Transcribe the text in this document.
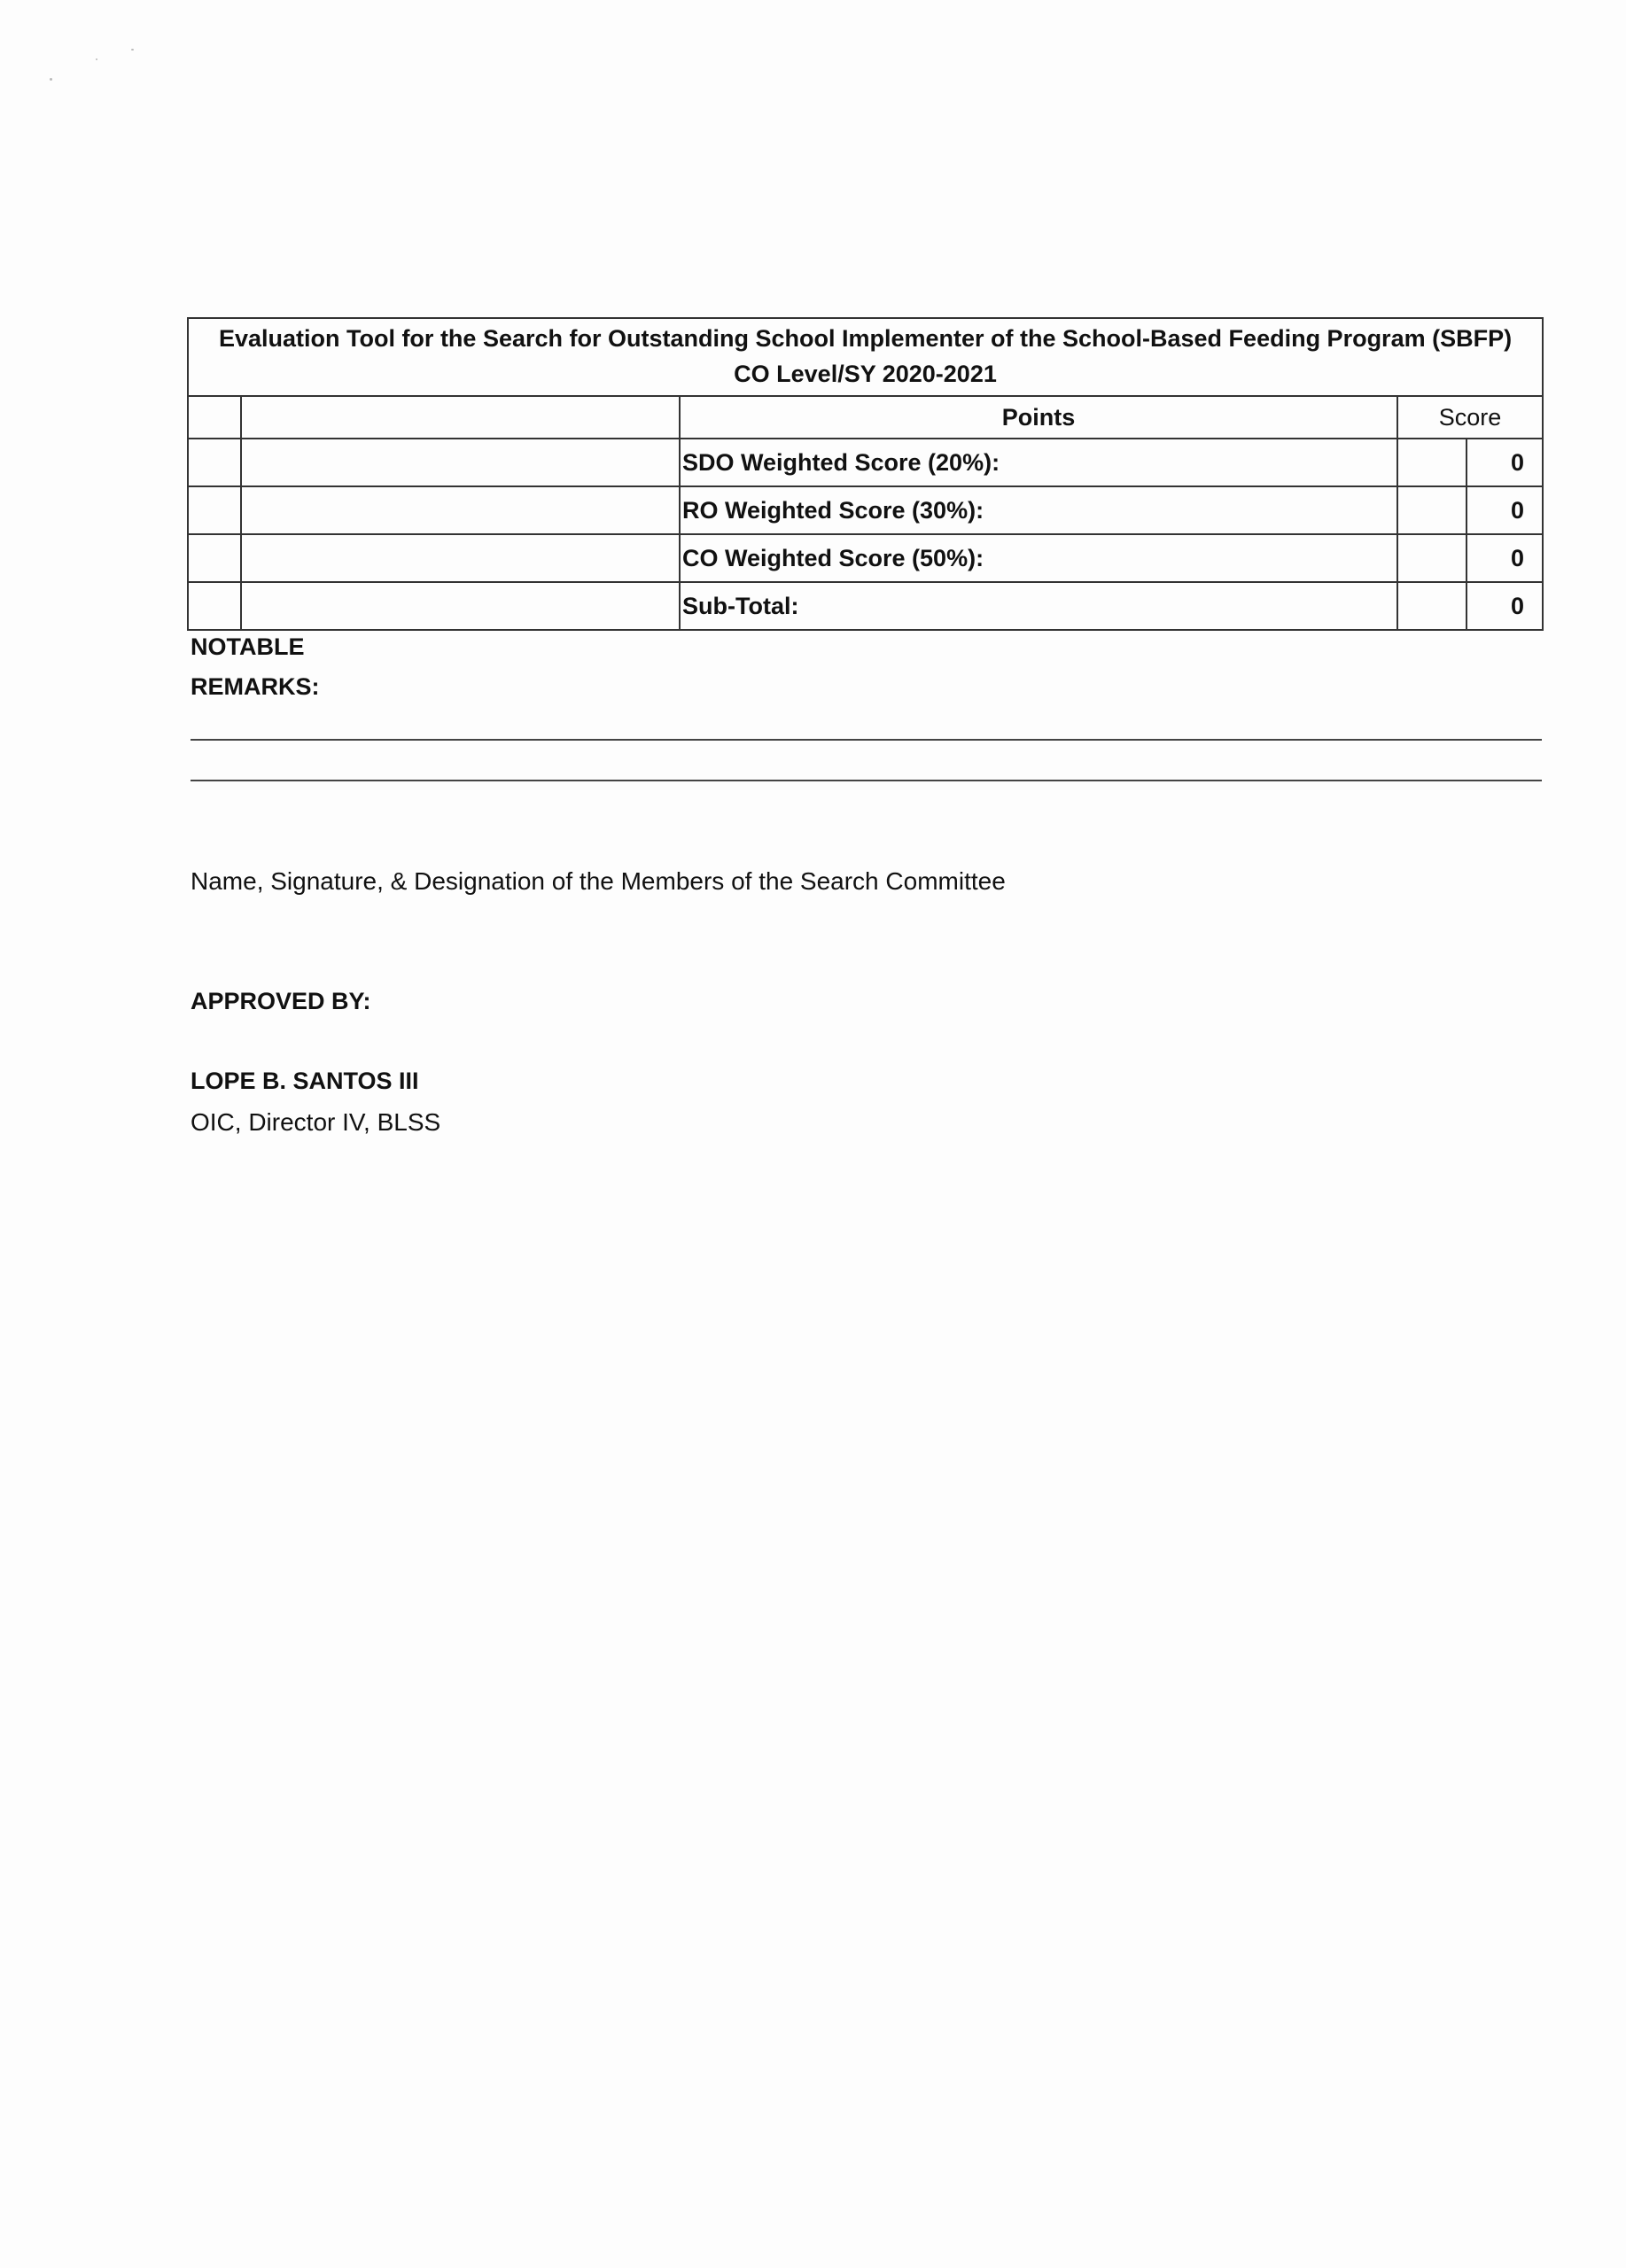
Evaluation Tool for the Search for Outstanding School Implementer of the School-Based Feeding Program (SBFP)
CO Level/SY 2020-2021				

		Points	Score	
		SDO Weighted Score (20%):		0
		RO Weighted Score (30%):		0
		CO Weighted Score (50%):		0
		Sub-Total:		0
NOTABLE
REMARKS:
Name, Signature, & Designation of the Members of the Search Committee
APPROVED BY:
LOPE B. SANTOS III
OIC, Director IV, BLSS
